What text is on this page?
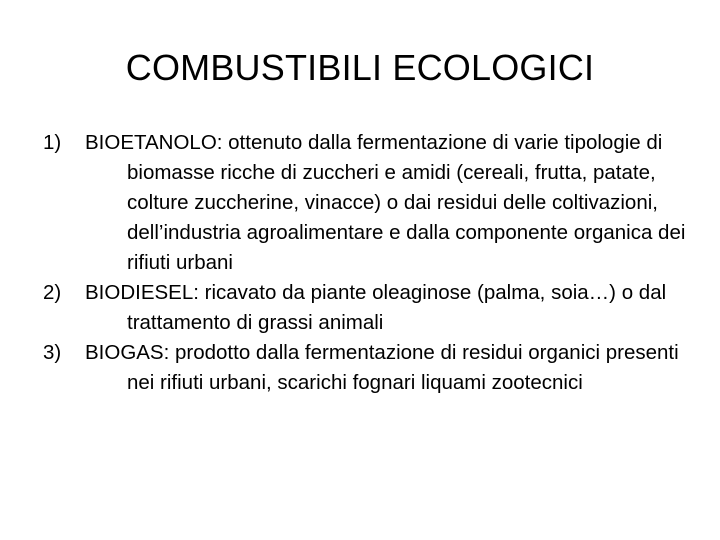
COMBUSTIBILI ECOLOGICI
1)	BIOETANOLO: ottenuto dalla fermentazione di varie tipologie di biomasse ricche di zuccheri e amidi (cereali, frutta, patate, colture zuccherine, vinacce) o dai residui delle coltivazioni, dell’industria agroalimentare e dalla componente organica dei rifiuti urbani
2)	BIODIESEL: ricavato da piante oleaginose (palma, soia…) o dal trattamento di grassi animali
3)	BIOGAS: prodotto dalla fermentazione di residui organici presenti nei rifiuti urbani, scarichi fognari liquami zootecnici
